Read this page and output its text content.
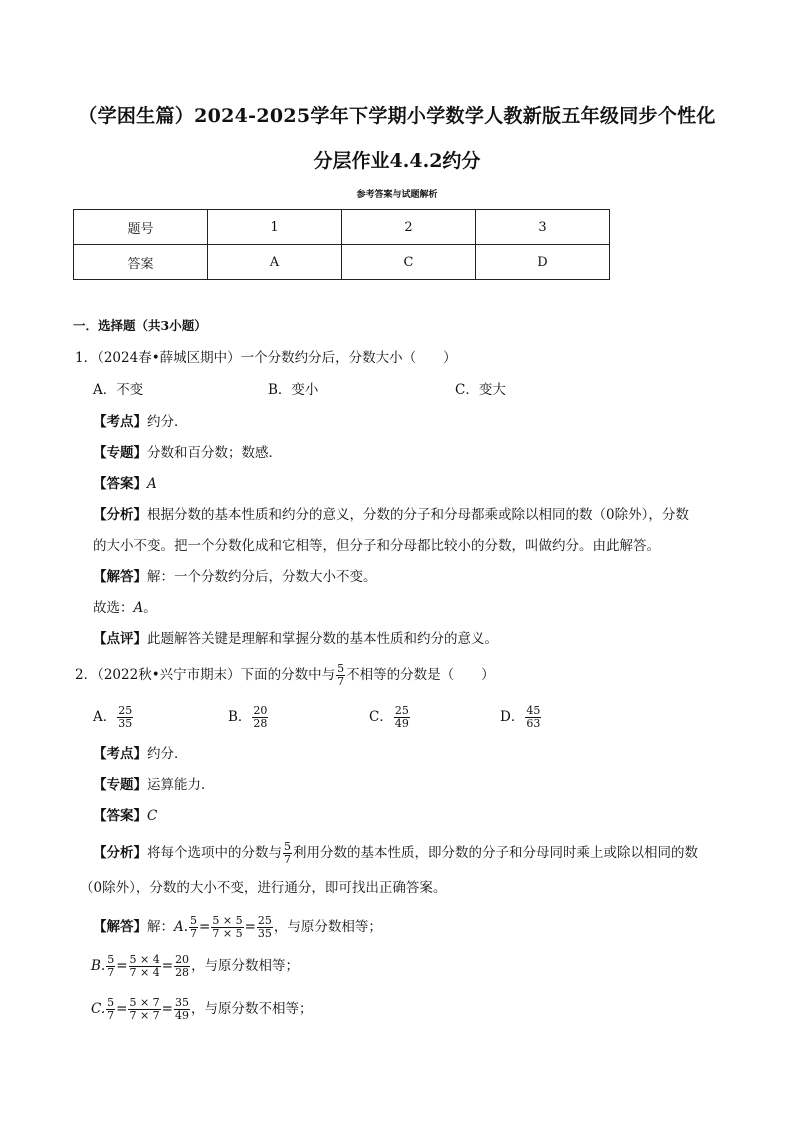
（学困生篇）2024-2025学年下学期小学数学人教新版五年级同步个性化
分层作业4.4.2约分
参考答案与试题解析
题号	1	2	3
答案	A	C	D
一．选择题（共3小题）
1．（2024春•薛城区期中）一个分数约分后，分数大小（　　）
A．不变	B．变小	C．变大
【考点】约分．
【专题】分数和百分数；数感．
【答案】A
【分析】根据分数的基本性质和约分的意义，分数的分子和分母都乘或除以相同的数（0除外），分数
的大小不变。把一个分数化成和它相等，但分子和分母都比较小的分数，叫做约分。由此解答。
【解答】解：一个分数约分后，分数大小不变。
故选：A。
【点评】此题解答关键是理解和掌握分数的基本性质和约分的意义。
2．（2022秋•兴宁市期末）下面的分数中与 $\frac{5}{7}$ 不相等的分数是（　　）
A． $\frac{25}{35}$	B． $\frac{20}{28}$	C． $\frac{25}{49}$	D． $\frac{45}{63}$
【考点】约分．
【专题】运算能力．
【答案】C
【分析】将每个选项中的分数与 $\frac{5}{7}$ 利用分数的基本性质，即分数的分子和分母同时乘上或除以相同的数
（0除外），分数的大小不变，进行通分，即可找出正确答案。
【解答】解：A. $\frac{5}{7} = \frac{5 \times 5}{7 \times 5} = \frac{25}{35}$ ，与原分数相等；
B. $\frac{5}{7} = \frac{5 \times 4}{7 \times 4} = \frac{20}{28}$ ，与原分数相等；
C. $\frac{5}{7} = \frac{5 \times 7}{7 \times 7} = \frac{35}{49}$ ，与原分数不相等；
